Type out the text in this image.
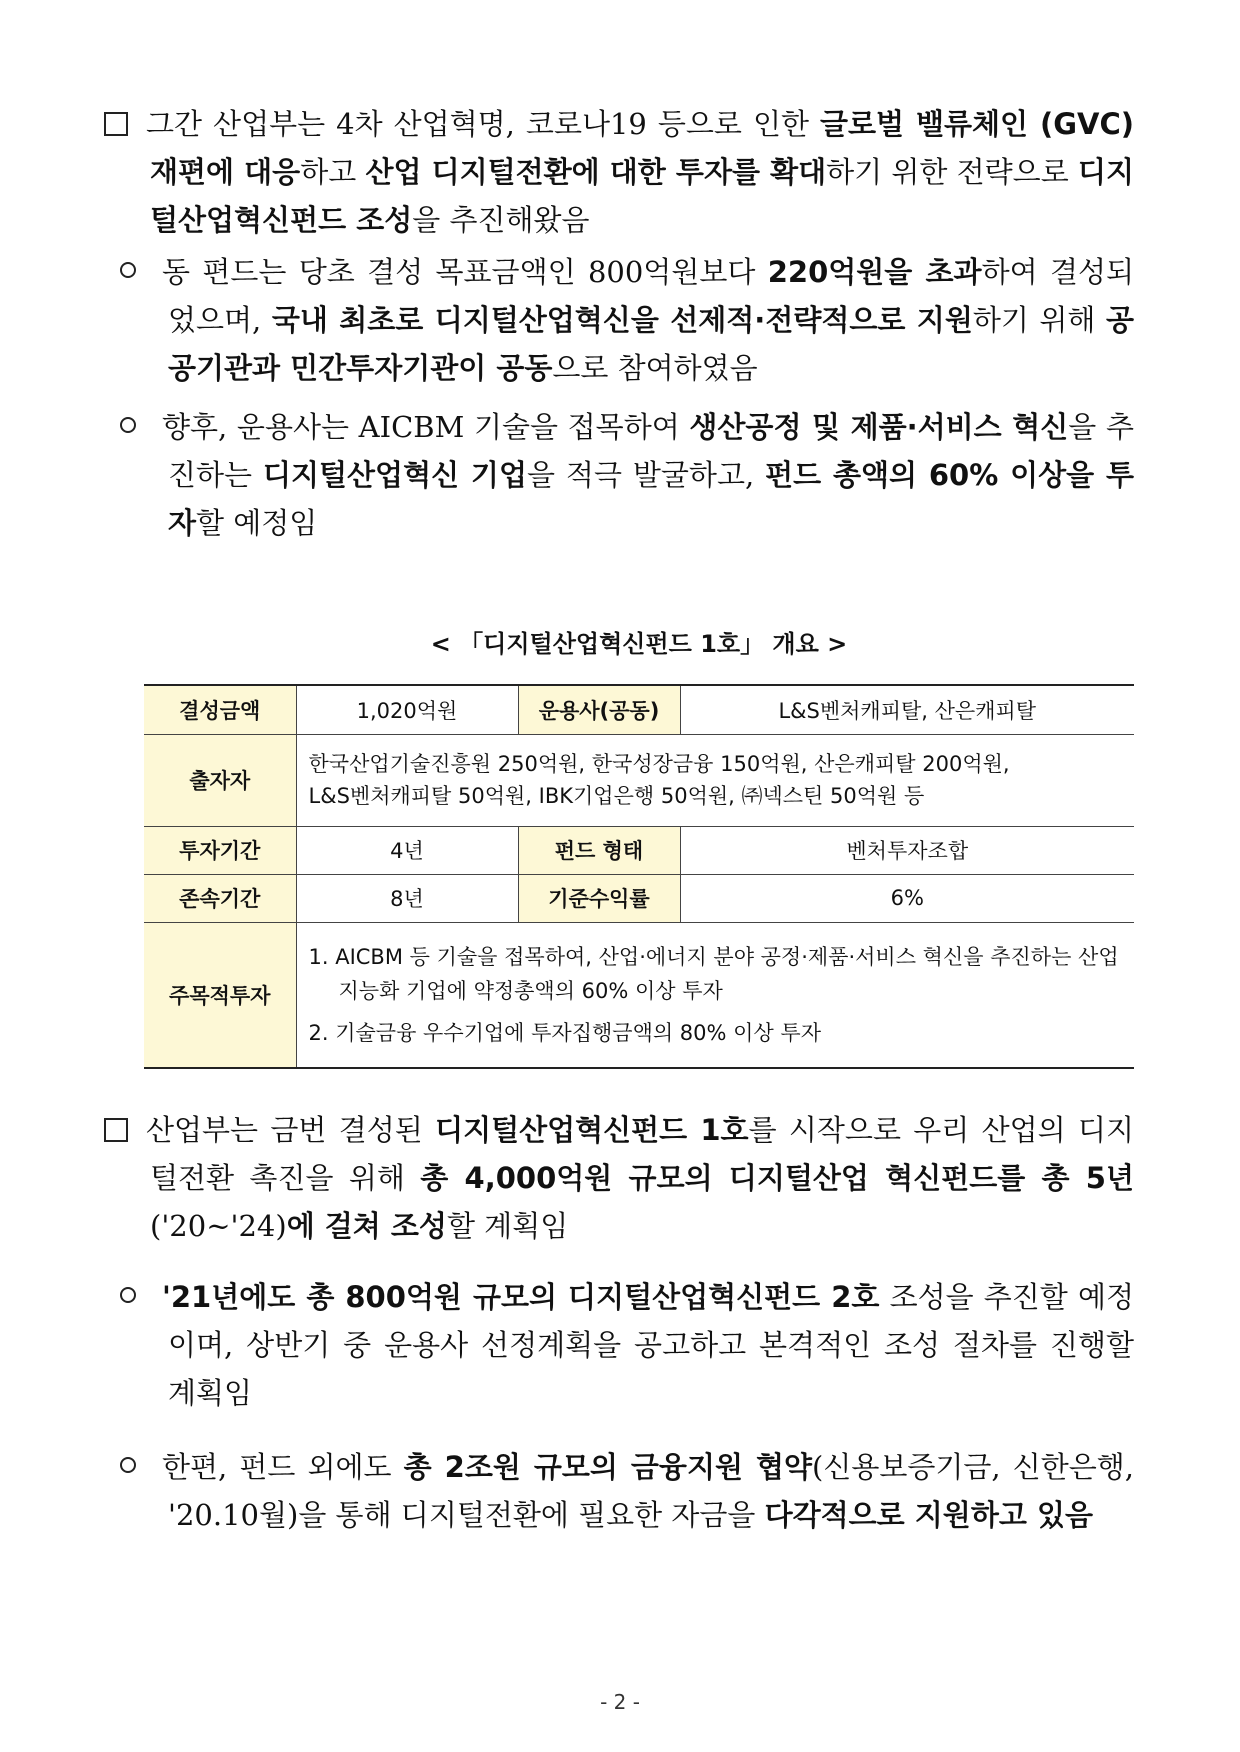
그간 산업부는 4차 산업혁명, 코로나19 등으로 인한 글로벌 밸류체인 (GVC) 재편에 대응하고 산업 디지털전환에 대한 투자를 확대하기 위한 전략으로 디지털산업혁신펀드 조성을 추진해왔음
동 편드는 당초 결성 목표금액인 800억원보다 220억원을 초과하여 결성되었으며, 국내 최초로 디지털산업혁신을 선제적·전략적으로 지원하기 위해 공공기관과 민간투자기관이 공동으로 참여하였음
향후, 운용사는 AICBM 기술을 접목하여 생산공정 및 제품·서비스 혁신을 추진하는 디지털산업혁신 기업을 적극 발굴하고, 펀드 총액의 60% 이상을 투자할 예정임
< 「디지털산업혁신펀드 1호」 개요 >
결성금액	1,020억원	운용사(공동)	L&S벤처캐피탈, 산은캐피탈
출자자	한국산업기술진흥원 250억원, 한국성장금융 150억원, 산은캐피탈 200억원,
L&S벤처캐피탈 50억원, IBK기업은행 50억원, ㈜넥스틴 50억원 등		

투자기간	4년	펀드 형태	벤처투자조합
존속기간	8년	기준수익률	6%
주목적투자	1. AICBM 등 기술을 접목하여, 산업·에너지 분야 공정·제품·서비스 혁신을 추진하는 산업지능화 기업에 약정총액의 60% 이상 투자
2. 기술금융 우수기업에 투자집행금액의 80% 이상 투자		
산업부는 금번 결성된 디지털산업혁신펀드 1호를 시작으로 우리 산업의 디지털전환 촉진을 위해 총 4,000억원 규모의 디지털산업 혁신펀드를 총 5년('20~'24)에 걸쳐 조성할 계획임
'21년에도 총 800억원 규모의 디지털산업혁신펀드 2호 조성을 추진할 예정이며, 상반기 중 운용사 선정계획을 공고하고 본격적인 조성 절차를 진행할 계획임
한편, 펀드 외에도 총 2조원 규모의 금융지원 협약(신용보증기금, 신한은행, '20.10월)을 통해 디지털전환에 필요한 자금을 다각적으로 지원하고 있음
- 2 -
